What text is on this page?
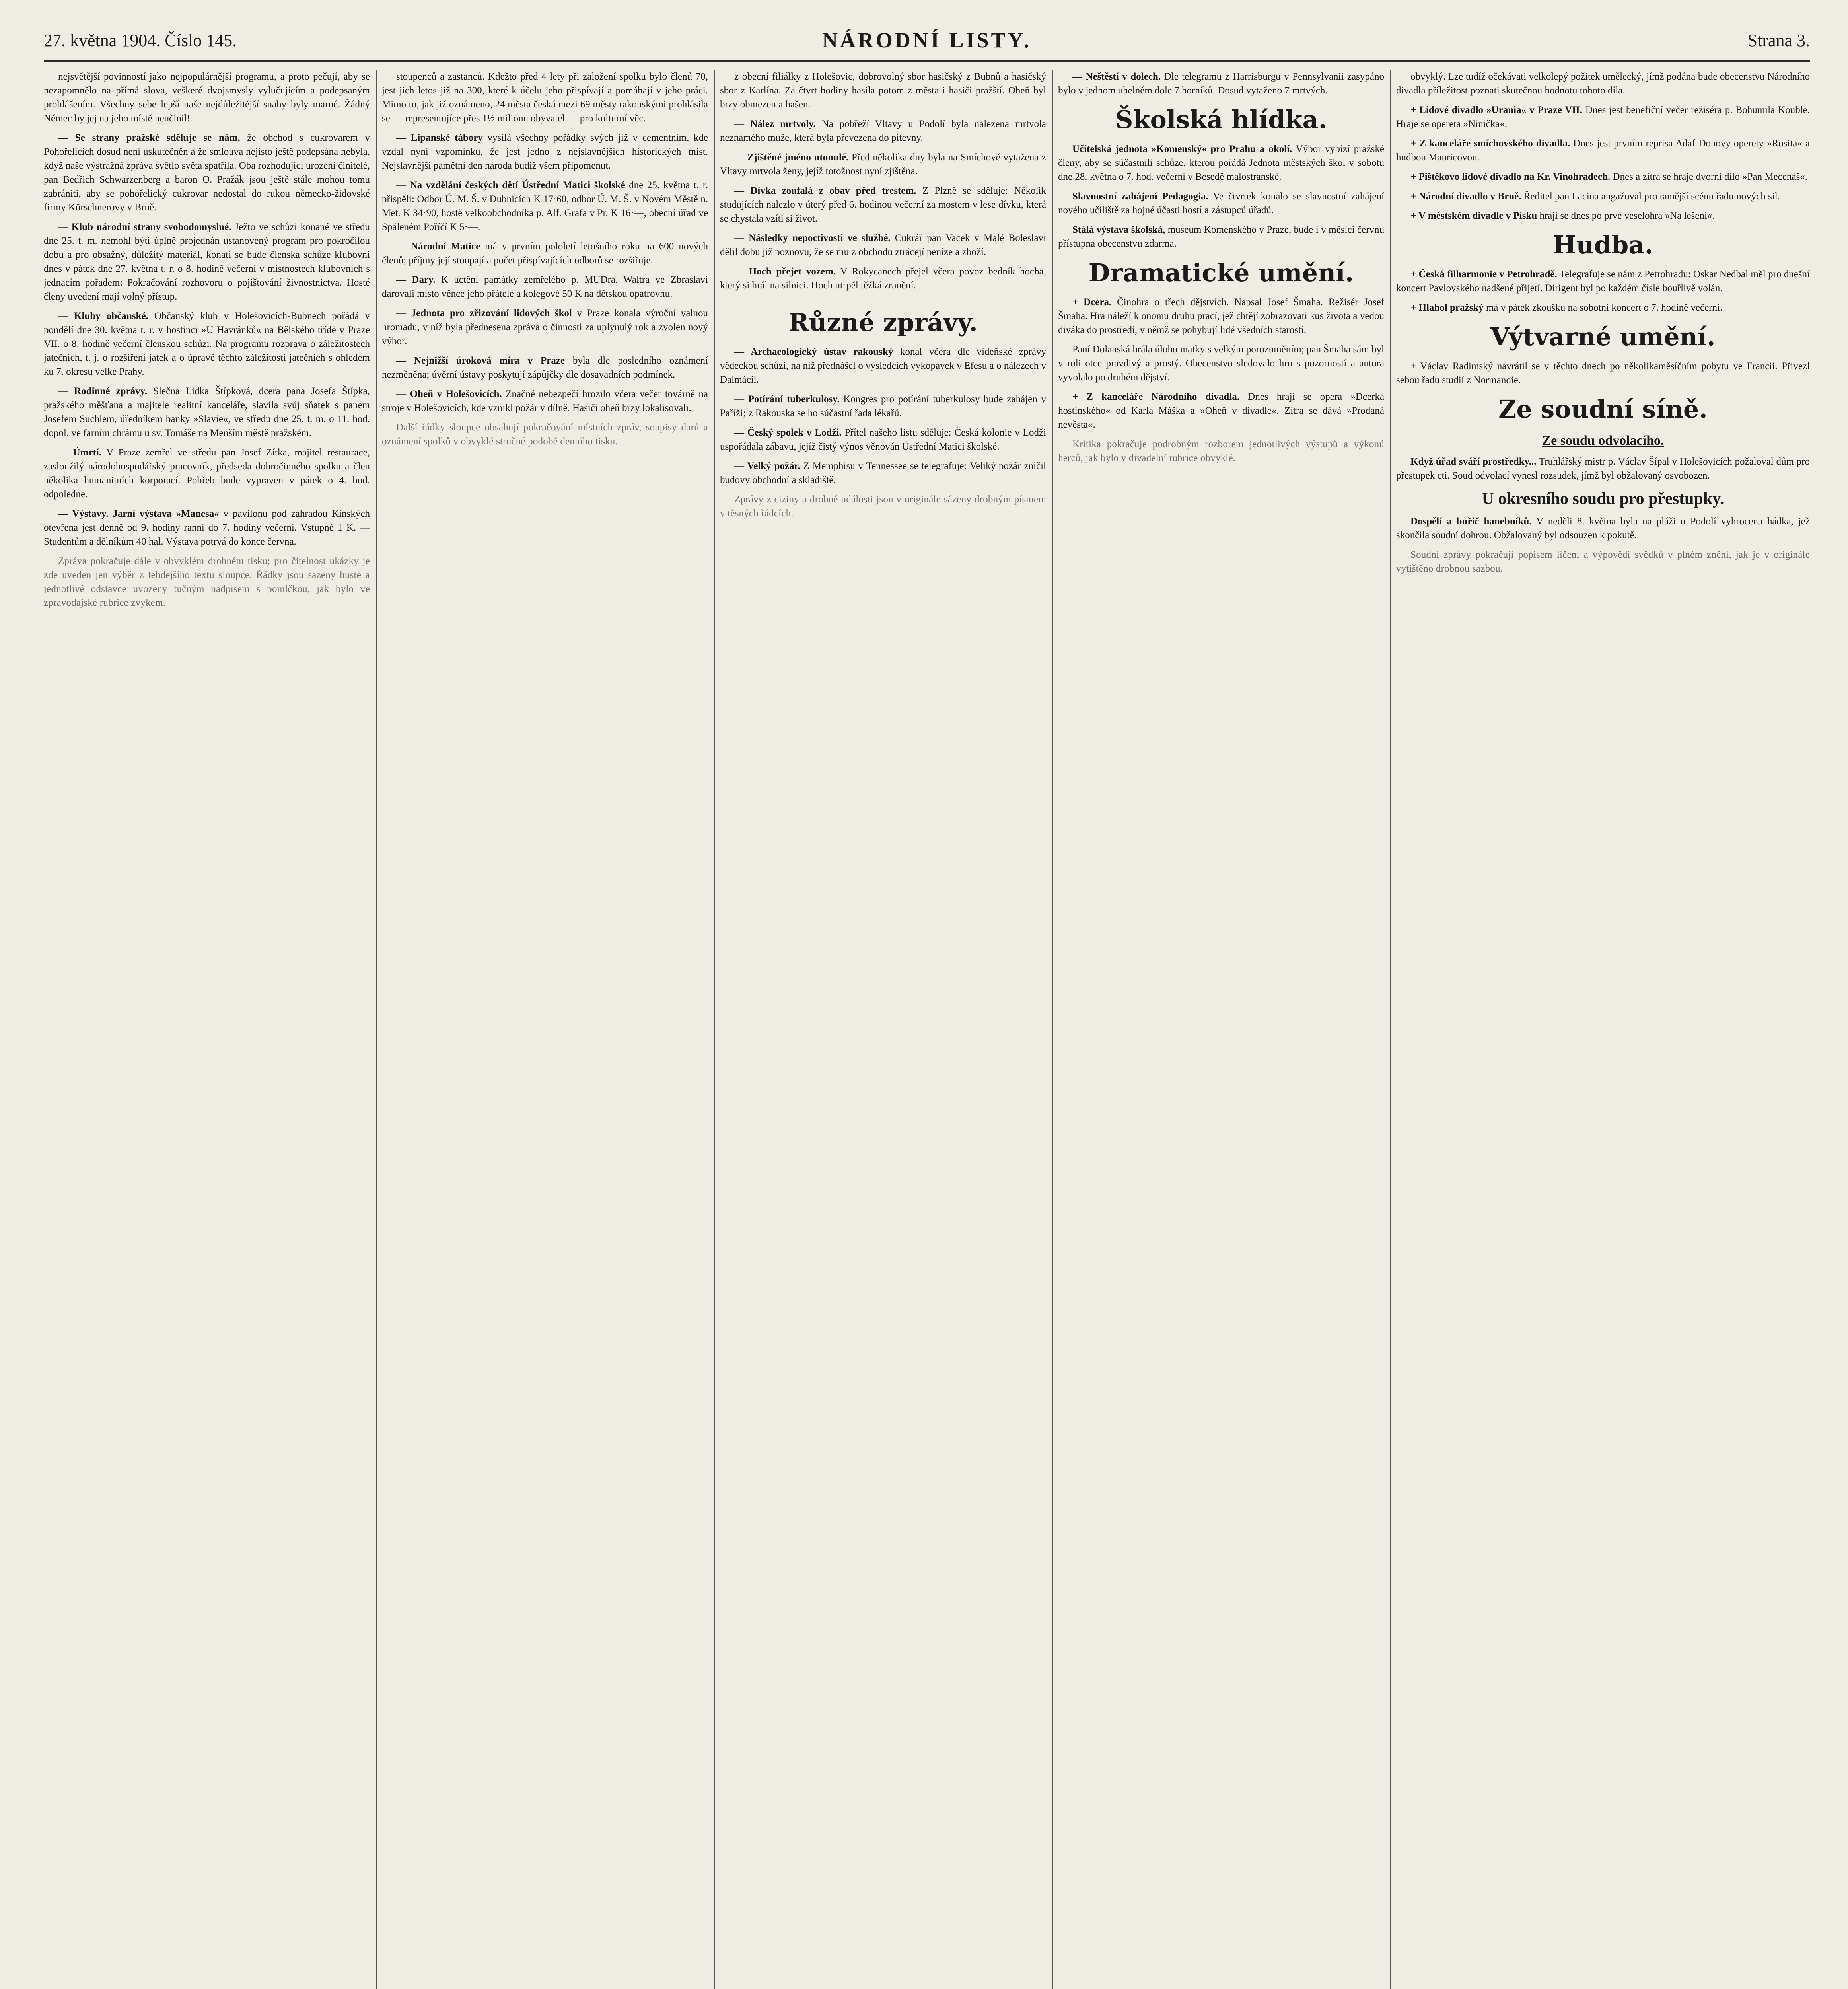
27. května 1904. Číslo 145.	NÁRODNÍ LISTY.	Strana 3.

nejsvětější povinností jako nejpopulárnější programu, a proto pečují, aby se nezapomnělo na přímá slova, veškeré dvojsmysly vylučujícím a podepsaným prohlášením. Všechny sebe lepší naše nejdůležitější snahy byly marné. Žádný Němec by jej na jeho místě neučinil!

— Se strany pražské sděluje se nám, že obchod s cukrovarem v Pohořelicích dosud není uskutečněn a že smlouva nejisto ještě podepsána nebyla, když naše výstražná zpráva světlo světa spatřila. Oba rozhodující urození činitelé, pan Bedřich Schwarzenberg a baron O. Pražák jsou ještě stále mohou tomu zabrániti, aby se pohořelický cukrovar nedostal do rukou německo-židovské firmy Kürschnerovy v Brně.

— Klub národní strany svobodomyslné. Ježto ve schůzi konané ve středu dne 25. t. m. nemohl býti úplně projednán ustanovený program pro pokročilou dobu a pro obsažný, důležitý materiál, konati se bude členská schůze klubovní dnes v pátek dne 27. května t. r. o 8. hodině večerní v místnostech klubovních s jednacím pořadem: Pokračování rozhovoru o pojištování živnostnictva. Hosté členy uvedení mají volný přístup.

— Kluby občanské. Občanský klub v Holešovicích-Bubnech pořádá v pondělí dne 30. května t. r. v hostinci »U Havránků« na Bělského třídě v Praze VII. o 8. hodině večerní členskou schůzi. Na programu rozprava o záležitostech jatečních, t. j. o rozšíření jatek a o úpravě těchto záležitostí jatečních s ohledem ku 7. okresu velké Prahy.

— Rodinné zprávy. Slečna Lidka Štípková, dcera pana Josefa Štípka, pražského měšťana a majitele realitní kanceláře, slavila svůj sňatek s panem Josefem Suchlem, úředníkem banky »Slavie«, ve středu dne 25. t. m. o 11. hod. dopol. ve farním chrámu u sv. Tomáše na Menším městě pražském.

— Úmrtí. V Praze zemřel ve středu pan Josef Zítka, majitel restaurace, zasloužilý národohospodářský pracovník, předseda dobročinného spolku a člen několika humanitních korporací. Pohřeb bude vypraven v pátek o 4. hod. odpoledne.

— Výstavy. Jarní výstava »Manesa« v pavilonu pod zahradou Kinských otevřena jest denně od 9. hodiny ranní do 7. hodiny večerní. Vstupné 1 K. — Studentům a dělníkům 40 hal. Výstava potrvá do konce června.

Zpráva pokračuje dále v obvyklém drobném tisku; pro čitelnost ukázky je zde uveden jen výběr z tehdejšího textu sloupce. Řádky jsou sazeny hustě a jednotlivé odstavce uvozeny tučným nadpisem s pomlčkou, jak bylo ve zpravodajské rubrice zvykem.

stoupenců a zastanců. Kdežto před 4 lety při založení spolku bylo členů 70, jest jich letos již na 300, které k účelu jeho přispívají a pomáhají v jeho práci. Mimo to, jak již oznámeno, 24 města česká mezi 69 městy rakouskými prohlásila se — representujíce přes 1½ milionu obyvatel — pro kulturní věc.

— Lipanské tábory vysílá všechny pořádky svých již v cementním, kde vzdal nyní vzpomínku, že jest jedno z nejslavnějších historických míst. Nejslavnější pamětní den národa budiž všem připomenut.

— Na vzdělání českých dětí Ústřední Matici školské dne 25. května t. r. přispěli: Odbor Ú. M. Š. v Dubnicích K 17·60, odbor Ú. M. Š. v Novém Městě n. Met. K 34·90, hostě velkoobchodníka p. Alf. Gräfa v Pr. K 16·—, obecní úřad ve Spáleném Poříčí K 5·—.

— Národní Matice má v prvním pololetí letošního roku na 600 nových členů; příjmy její stoupají a počet přispívajících odborů se rozšiřuje.

— Dary. K uctění památky zemřelého p. MUDra. Waltra ve Zbraslavi darovali místo věnce jeho přátelé a kolegové 50 K na dětskou opatrovnu.

— Jednota pro zřizování lidových škol v Praze konala výroční valnou hromadu, v níž byla přednesena zpráva o činnosti za uplynulý rok a zvolen nový výbor.

— Nejnižší úroková míra v Praze byla dle posledního oznámení nezměněna; úvěrní ústavy poskytují zápůjčky dle dosavadních podmínek.

— Oheň v Holešovicích. Značné nebezpečí hrozilo včera večer továrně na stroje v Holešovicích, kde vznikl požár v dílně. Hasiči oheň brzy lokalisovali.

Další řádky sloupce obsahují pokračování místních zpráv, soupisy darů a oznámení spolků v obvyklé stručné podobě denního tisku.

z obecní filiálky z Holešovic, dobrovolný sbor hasičský z Bubnů a hasičský sbor z Karlína. Za čtvrt hodiny hasila potom z města i hasiči pražští. Oheň byl brzy obmezen a hašen.

— Nález mrtvoly. Na pobřeží Vltavy u Podolí byla nalezena mrtvola neznámého muže, která byla převezena do pitevny.

— Zjištěné jméno utonulé. Před několika dny byla na Smíchově vytažena z Vltavy mrtvola ženy, jejíž totožnost nyní zjištěna.

— Dívka zoufalá z obav před trestem. Z Plzně se sděluje: Několik studujících nalezlo v úterý před 6. hodinou večerní za mostem v lese dívku, která se chystala vzíti si život.

— Následky nepoctivosti ve službě. Cukrář pan Vacek v Malé Boleslavi dělil dobu již poznovu, že se mu z obchodu ztrácejí peníze a zboží.

— Hoch přejet vozem. V Rokycanech přejel včera povoz bedník hocha, který si hrál na silnici. Hoch utrpěl těžká zranění.

Různé zprávy.

— Archaeologický ústav rakouský konal včera dle vídeňské zprávy vědeckou schůzi, na níž přednášel o výsledcích vykopávek v Efesu a o nálezech v Dalmácii.

— Potírání tuberkulosy. Kongres pro potírání tuberkulosy bude zahájen v Paříži; z Rakouska se ho súčastní řada lékařů.

— Český spolek v Lodži. Přítel našeho listu sděluje: Česká kolonie v Lodži uspořádala zábavu, jejíž čistý výnos věnován Ústřední Matici školské.

— Velký požár. Z Memphisu v Tennessee se telegrafuje: Veliký požár zničil budovy obchodní a skladiště.

Zprávy z ciziny a drobné události jsou v originále sázeny drobným písmem v těsných řádcích.

— Neštěstí v dolech. Dle telegramu z Harrisburgu v Pennsylvanii zasypáno bylo v jednom uhelném dole 7 horníků. Dosud vytaženo 7 mrtvých.

Školská hlídka.

Učitelská jednota »Komenský« pro Prahu a okolí. Výbor vybízí pražské členy, aby se súčastnili schůze, kterou pořádá Jednota městských škol v sobotu dne 28. května o 7. hod. večerní v Besedě malostranské.

Slavnostní zahájení Pedagogia. Ve čtvrtek konalo se slavnostní zahájení nového učiliště za hojné účasti hostí a zástupců úřadů.

Stálá výstava školská, museum Komenského v Praze, bude i v měsíci červnu přístupna obecenstvu zdarma.

Dramatické umění.

+ Dcera. Činohra o třech dějstvích. Napsal Josef Šmaha. Režisér Josef Šmaha. Hra náleží k onomu druhu prací, jež chtějí zobrazovati kus života a vedou diváka do prostředí, v němž se pohybují lidé všedních starostí.

Paní Dolanská hrála úlohu matky s velkým porozuměním; pan Šmaha sám byl v roli otce pravdivý a prostý. Obecenstvo sledovalo hru s pozorností a autora vyvolalo po druhém dějství.

+ Z kanceláře Národního divadla. Dnes hrají se opera »Dcerka hostinského« od Karla Máška a »Oheň v divadle«. Zítra se dává »Prodaná nevěsta«.

Kritika pokračuje podrobným rozborem jednotlivých výstupů a výkonů herců, jak bylo v divadelní rubrice obvyklé.

obvyklý. Lze tudíž očekávati velkolepý požitek umělecký, jímž podána bude obecenstvu Národního divadla příležitost poznati skutečnou hodnotu tohoto díla.

+ Lidové divadlo »Urania« v Praze VII. Dnes jest benefiční večer režiséra p. Bohumila Kouble. Hraje se opereta »Ninička«.

+ Z kanceláře smíchovského divadla. Dnes jest prvním reprisa Adaf-Donovy operety »Rosita« a hudbou Mauricovou.

+ Pištěkovo lidové divadlo na Kr. Vinohradech. Dnes a zítra se hraje dvorní dílo »Pan Mecenáš«.

+ Národní divadlo v Brně. Ředitel pan Lacina angažoval pro tamější scénu řadu nových sil.

+ V městském divadle v Písku hraji se dnes po prvé veselohra »Na lešení«.

Hudba.

+ Česká filharmonie v Petrohradě. Telegrafuje se nám z Petrohradu: Oskar Nedbal měl pro dnešní koncert Pavlovského nadšené přijetí. Dirigent byl po každém čísle bouřlivě volán.

+ Hlahol pražský má v pátek zkoušku na sobotní koncert o 7. hodině večerní.

Výtvarné umění.

+ Václav Radimský navrátil se v těchto dnech po několikaměsíčním pobytu ve Francii. Přivezl sebou řadu studií z Normandie.

Ze soudní síně.
Ze soudu odvolacího.

Když úřad sváří prostředky... Truhlářský mistr p. Václav Šípal v Holešovicích požaloval dům pro přestupek cti. Soud odvolací vynesl rozsudek, jímž byl obžalovaný osvobozen.

U okresního soudu pro přestupky.

Dospělí a buřič hanebníků. V neděli 8. května byla na pláži u Podolí vyhrocena hádka, jež skončila soudní dohrou. Obžalovaný byl odsouzen k pokutě.

Soudní zprávy pokračují popisem líčení a výpovědí svědků v plném znění, jak je v originále vytištěno drobnou sazbou.
